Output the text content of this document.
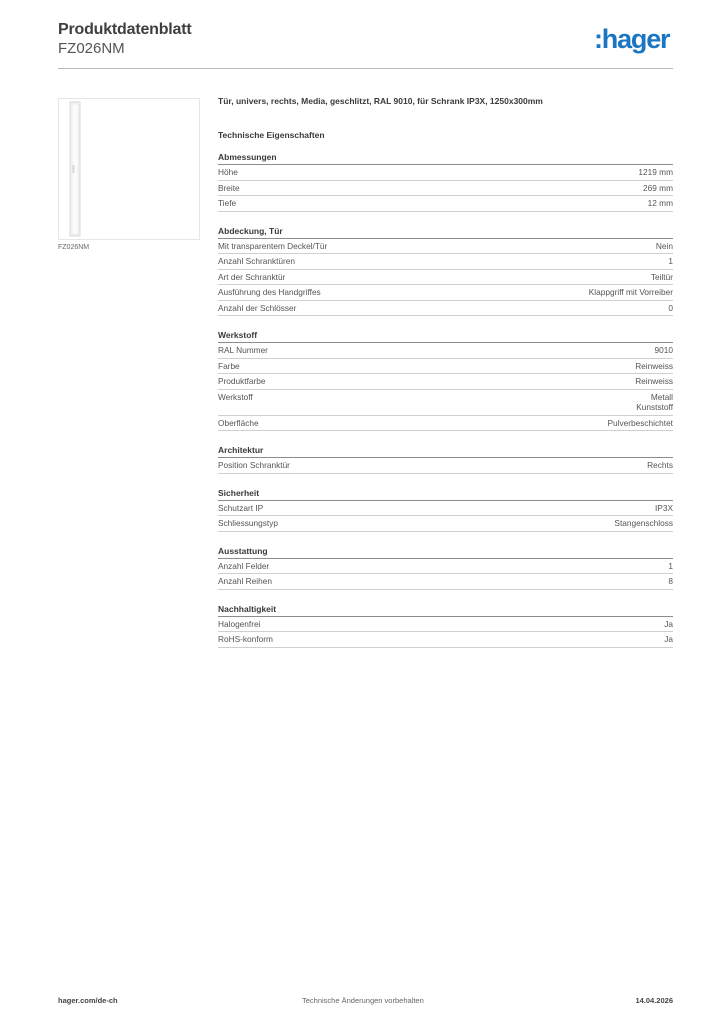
Produktdatenblatt
FZ026NM	:hager
FZ026NM
Tür, univers, rechts, Media, geschlitzt, RAL 9010, für Schrank IP3X, 1250x300mm
Technische Eigenschaften
Abmessungen
Höhe	1219 mm
Breite	269 mm
Tiefe	12 mm
Abdeckung, Tür
Mit transparentem Deckel/Tür	Nein
Anzahl Schranktüren	1
Art der Schranktür	Teiltür
Ausführung des Handgriffes	Klappgriff mit Vorreiber
Anzahl der Schlösser	0
Werkstoff
RAL Nummer	9010
Farbe	Reinweiss
Produktfarbe	Reinweiss
Werkstoff	Metall
Kunststoff
Oberfläche	Pulverbeschichtet
Architektur
Position Schranktür	Rechts
Sicherheit
Schutzart IP	IP3X
Schliessungstyp	Stangenschloss
Ausstattung
Anzahl Felder	1
Anzahl Reihen	8
Nachhaltigkeit
Halogenfrei	Ja
RoHS-konform	Ja
hager.com/de-ch	Technische Änderungen vorbehalten	14.04.2026
